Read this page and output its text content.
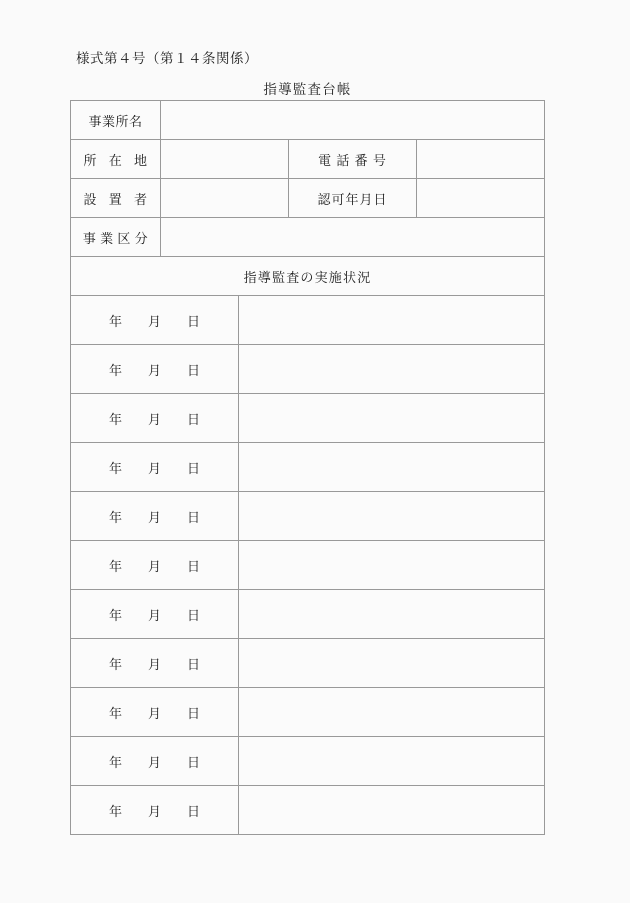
様式第４号（第１４条関係）
指導監査台帳
事業所名			

所 在 地		電 話 番 号	

設 置 者		認可年月日	

事 業 区 分			

指導監査の実施状況			
年 月 日	
年 月 日	
年 月 日	
年 月 日	
年 月 日	
年 月 日	
年 月 日	
年 月 日	
年 月 日	
年 月 日	
年 月 日	
